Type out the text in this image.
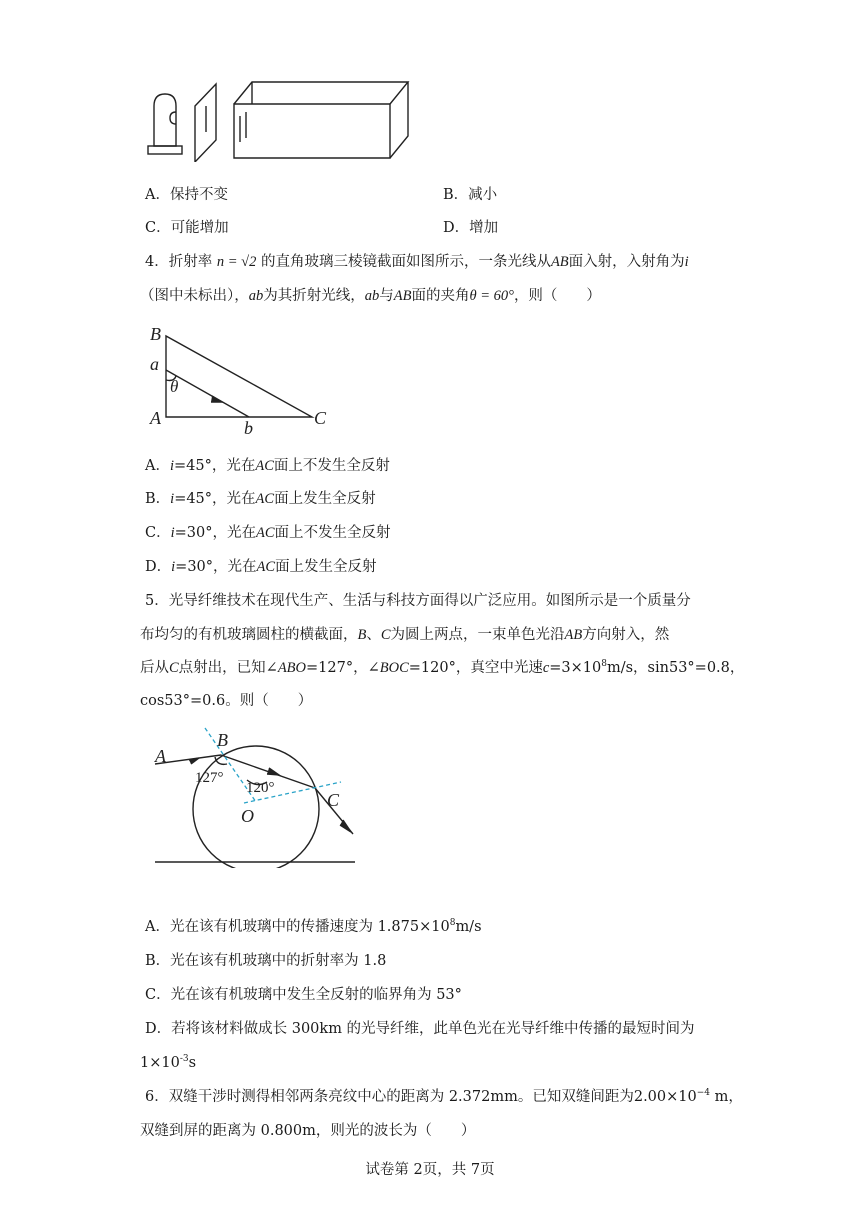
A．保持不变	B．减小
C．可能增加	D．增加
4．折射率 n = √2 的直角玻璃三棱镜截面如图所示，一条光线从AB面入射，入射角为i
（图中未标出），ab为其折射光线，ab与AB面的夹角θ = 60°，则（　　）
B
a
θ
A	b	C
A．i=45°，光在AC面上不发生全反射
B．i=45°，光在AC面上发生全反射
C．i=30°，光在AC面上不发生全反射
D．i=30°，光在AC面上发生全反射
5．光导纤维技术在现代生产、生活与科技方面得以广泛应用。如图所示是一个质量分
布均匀的有机玻璃圆柱的横截面，B、C为圆上两点，一束单色光沿AB方向射入，然
后从C点射出，已知∠ABO=127°，∠BOC=120°，真空中光速$c=3\times 10^8m/s$，sin53°=0.8，
cos53°=0.6。则（　　）
A
B
127°
120°
O
C
A．光在该有机玻璃中的传播速度为 $1.875\times 10^8m/s$
B．光在该有机玻璃中的折射率为 1.8
C．光在该有机玻璃中发生全反射的临界角为 53°
D．若将该材料做成长 300km 的光导纤维，此单色光在光导纤维中传播的最短时间为
$1\times 10^{-3}s$
6．双缝干涉时测得相邻两条亮纹中心的距离为 2.372mm。已知双缝间距为$2.00\times 10^{-4}$ m，
双缝到屏的距离为 0.800m，则光的波长为（　　）
试卷第 2页，共 7页
